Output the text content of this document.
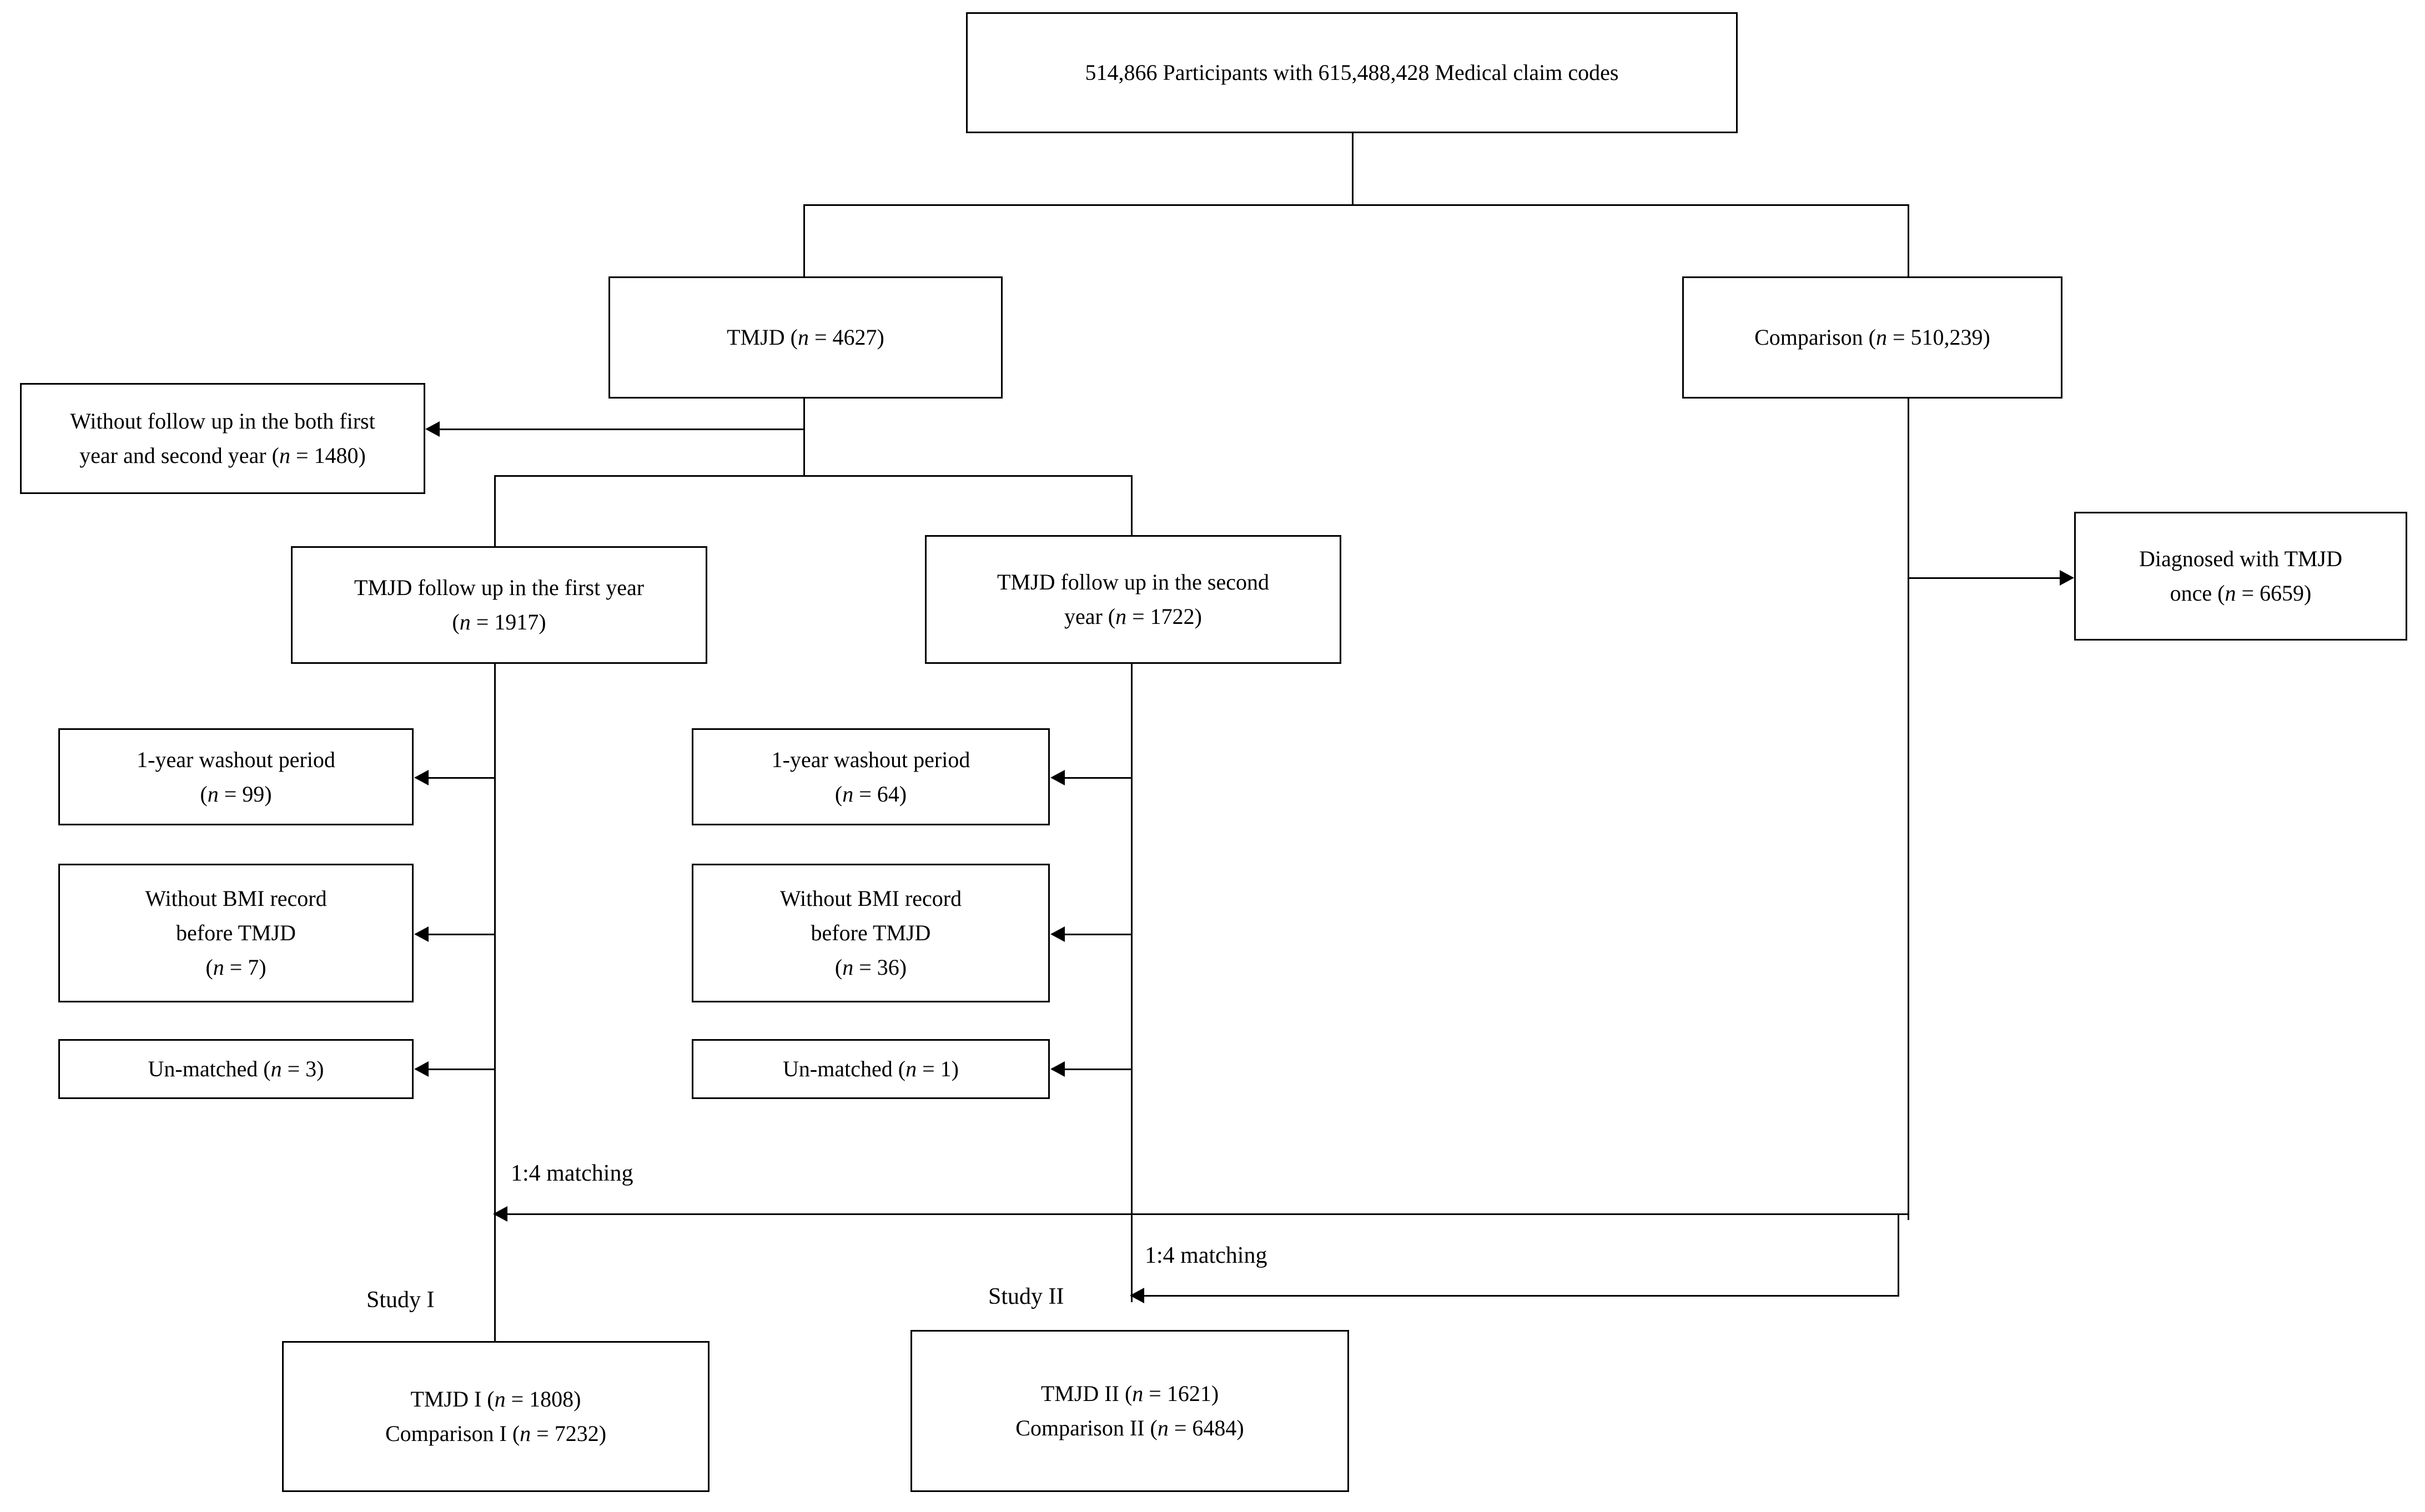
514,866 Participants with 615,488,428 Medical claim codes
TMJD (n = 4627)	Comparison (n = 510,239)
Without follow up in the both first
year and second year (n = 1480)
Diagnosed with TMJD
once (n = 6659)
TMJD follow up in the first year
(n = 1917)
TMJD follow up in the second
year (n = 1722)
1-year washout period
(n = 99)
1-year washout period
(n = 64)
Without BMI record
before TMJD
(n = 7)
Without BMI record
before TMJD
(n = 36)
Un-matched (n = 3)	Un-matched (n = 1)
TMJD I (n = 1808)
Comparison I (n = 7232)
TMJD II (n = 1621)
Comparison II (n = 6484)
1:4 matching
1:4 matching
Study I	Study II
